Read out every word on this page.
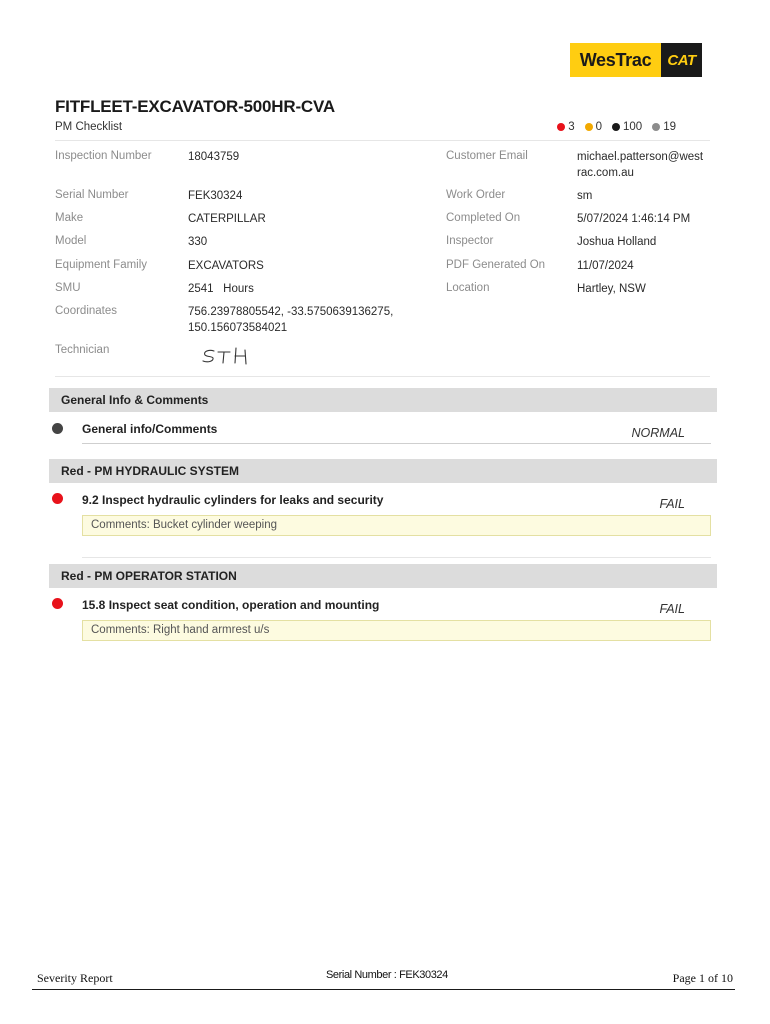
WesTrac	CAT
FITFLEET-EXCAVATOR-500HR-CVA
PM Checklist	3 0 100 19
Inspection Number	18043759
Serial Number	FEK30324
Make	CATERPILLAR
Model	330
Equipment Family	EXCAVATORS
SMU	2541   Hours
Coordinates	756.23978805542, -33.5750639136275,
150.156073584021
Technician
Customer Email	michael.patterson@west
rac.com.au
Work Order	sm
Completed On	5/07/2024 1:46:14 PM
Inspector	Joshua Holland
PDF Generated On	11/07/2024
Location	Hartley, NSW
General Info & Comments
General info/Comments	NORMAL
Red - PM HYDRAULIC SYSTEM
9.2 Inspect hydraulic cylinders for leaks and security	FAIL
Comments: Bucket cylinder weeping
Red - PM OPERATOR STATION
15.8 Inspect seat condition, operation and mounting	FAIL
Comments: Right hand armrest u/s
Severity Report	Serial Number : FEK30324	Page 1 of 10
